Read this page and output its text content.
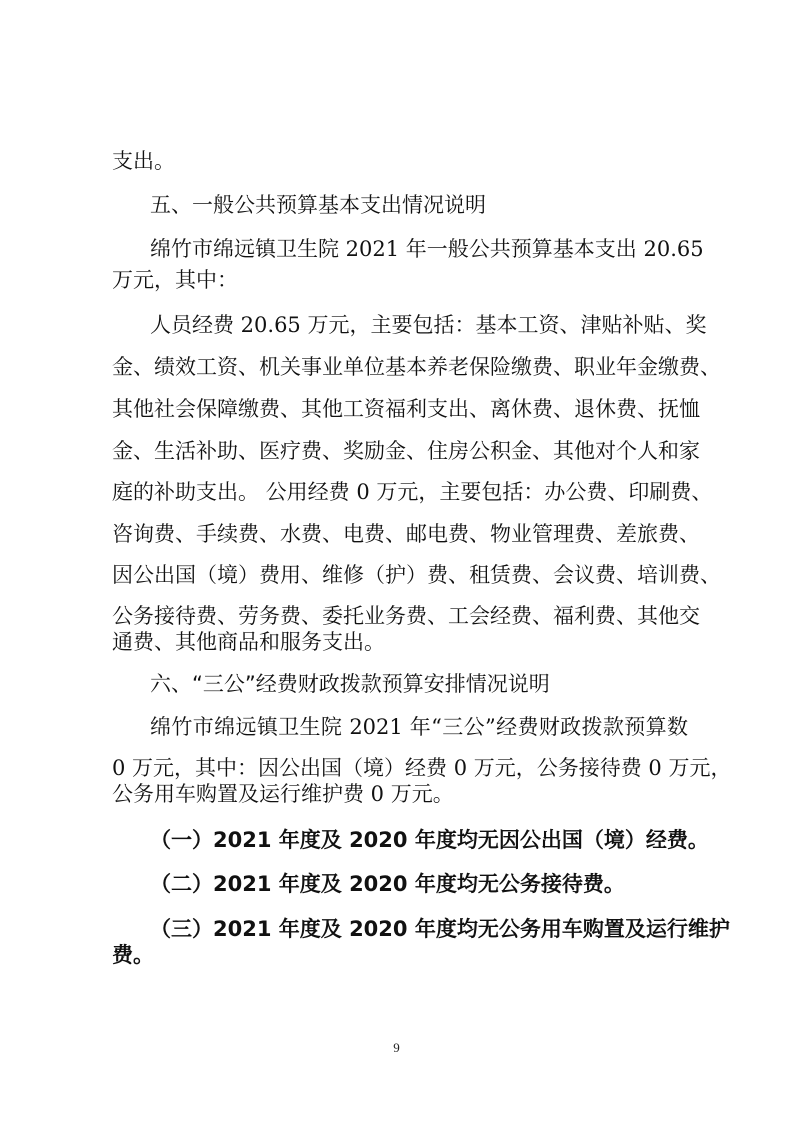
支出。

五、一般公共预算基本支出情况说明

绵竹市绵远镇卫生院 2021 年一般公共预算基本支出 20.65

万元，其中：

人员经费 20.65 万元，主要包括：基本工资、津贴补贴、奖

金、绩效工资、机关事业单位基本养老保险缴费、职业年金缴费、

其他社会保障缴费、其他工资福利支出、离休费、退休费、抚恤

金、生活补助、医疗费、奖励金、住房公积金、其他对个人和家

庭的补助支出。 公用经费 0 万元，主要包括：办公费、印刷费、

咨询费、手续费、水费、电费、邮电费、物业管理费、差旅费、

因公出国（境）费用、维修（护）费、租赁费、会议费、培训费、

公务接待费、劳务费、委托业务费、工会经费、福利费、其他交

通费、其他商品和服务支出。

六、“三公”经费财政拨款预算安排情况说明

绵竹市绵远镇卫生院 2021 年“三公”经费财政拨款预算数

0 万元，其中：因公出国（境）经费 0 万元，公务接待费 0 万元，

公务用车购置及运行维护费 0 万元。

（一）2021 年度及 2020 年度均无因公出国（境）经费。

（二）2021 年度及 2020 年度均无公务接待费。

（三）2021 年度及 2020 年度均无公务用车购置及运行维护

费。

9
